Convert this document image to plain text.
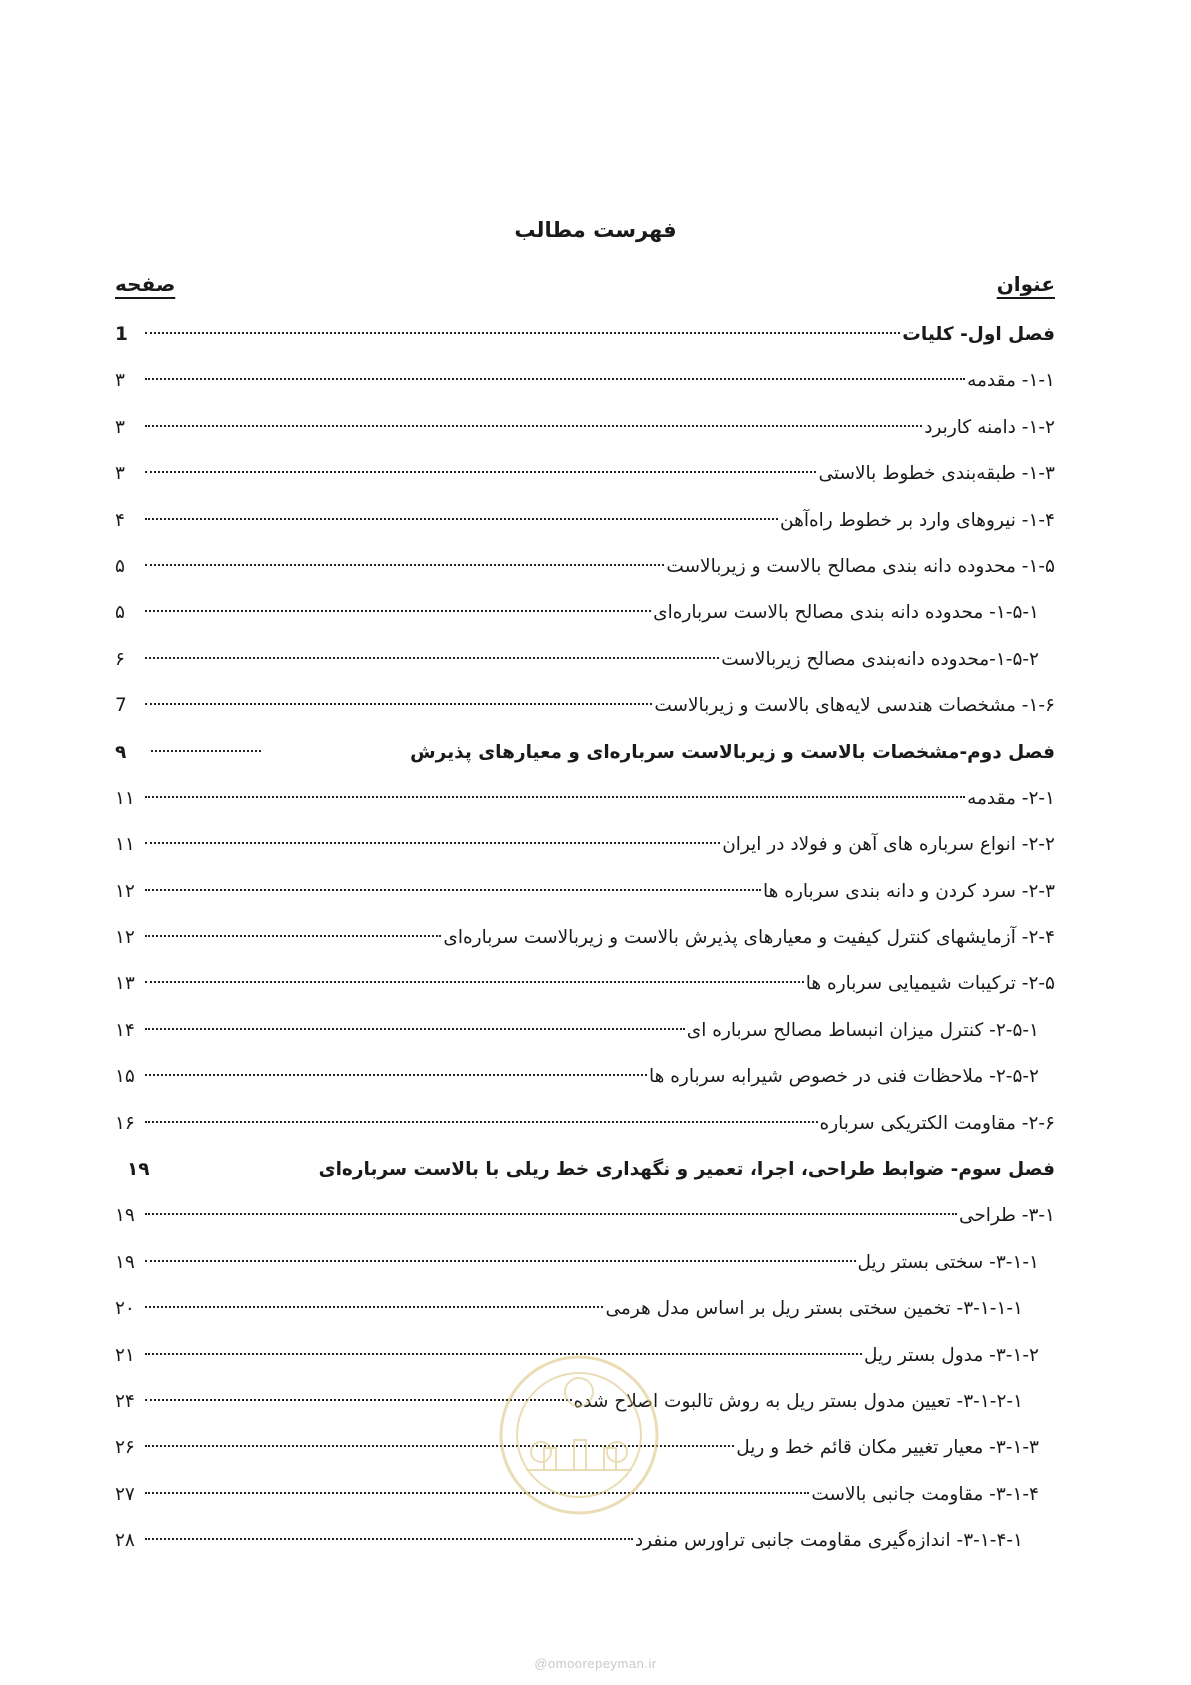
فهرست مطالب
عنوان
صفحه
فصل اول- کلیات
1
۱-۱- مقدمه
۳
۱-۲- دامنه کاربرد
۳
۱-۳- طبقه‌بندی خطوط بالاستی
۳
۱-۴- نیروهای وارد بر خطوط راه‌آهن
۴
۱-۵- محدوده دانه بندی مصالح بالاست و زیربالاست
۵
۱-۵-۱- محدوده دانه بندی مصالح بالاست سرباره‌ای
۵
۱-۵-۲-محدوده دانه‌بندی مصالح زیربالاست
۶
۱-۶- مشخصات هندسی لایه‌های بالاست و زیربالاست
7
فصل دوم-مشخصات بالاست و زیربالاست سرباره‌ای و معیارهای پذیرش
۹
۲-۱- مقدمه
۱۱
۲-۲- انواع سرباره های آهن و فولاد در ایران
۱۱
۲-۳- سرد کردن و دانه بندی سرباره ها
۱۲
۲-۴- آزمایشهای کنترل کیفیت و معیارهای پذیرش بالاست و زیربالاست سرباره‌ای
۱۲
۲-۵- ترکیبات شیمیایی سرباره ها
۱۳
۲-۵-۱- کنترل میزان انبساط مصالح سرباره ای
۱۴
۲-۵-۲- ملاحظات فنی در خصوص شیرابه سرباره ها
۱۵
۲-۶- مقاومت الکتریکی سرباره
۱۶
فصل سوم- ضوابط طراحی، اجرا، تعمیر و نگهداری خط ریلی با بالاست سرباره‌ای
۱۹
۳-۱- طراحی
۱۹
۳-۱-۱- سختی بستر ریل
۱۹
۳-۱-۱-۱- تخمین سختی بستر ریل بر اساس مدل هرمی
۲۰
۳-۱-۲- مدول بستر ریل
۲۱
۳-۱-۲-۱- تعیین مدول بستر ریل به روش تالبوت اصلاح شده
۲۴
۳-۱-۳- معیار تغییر مکان قائم خط و ریل
۲۶
۳-۱-۴- مقاومت جانبی بالاست
۲۷
۳-۱-۴-۱- اندازه‌گیری مقاومت جانبی تراورس منفرد
۲۸
@omoorepeyman.ir
